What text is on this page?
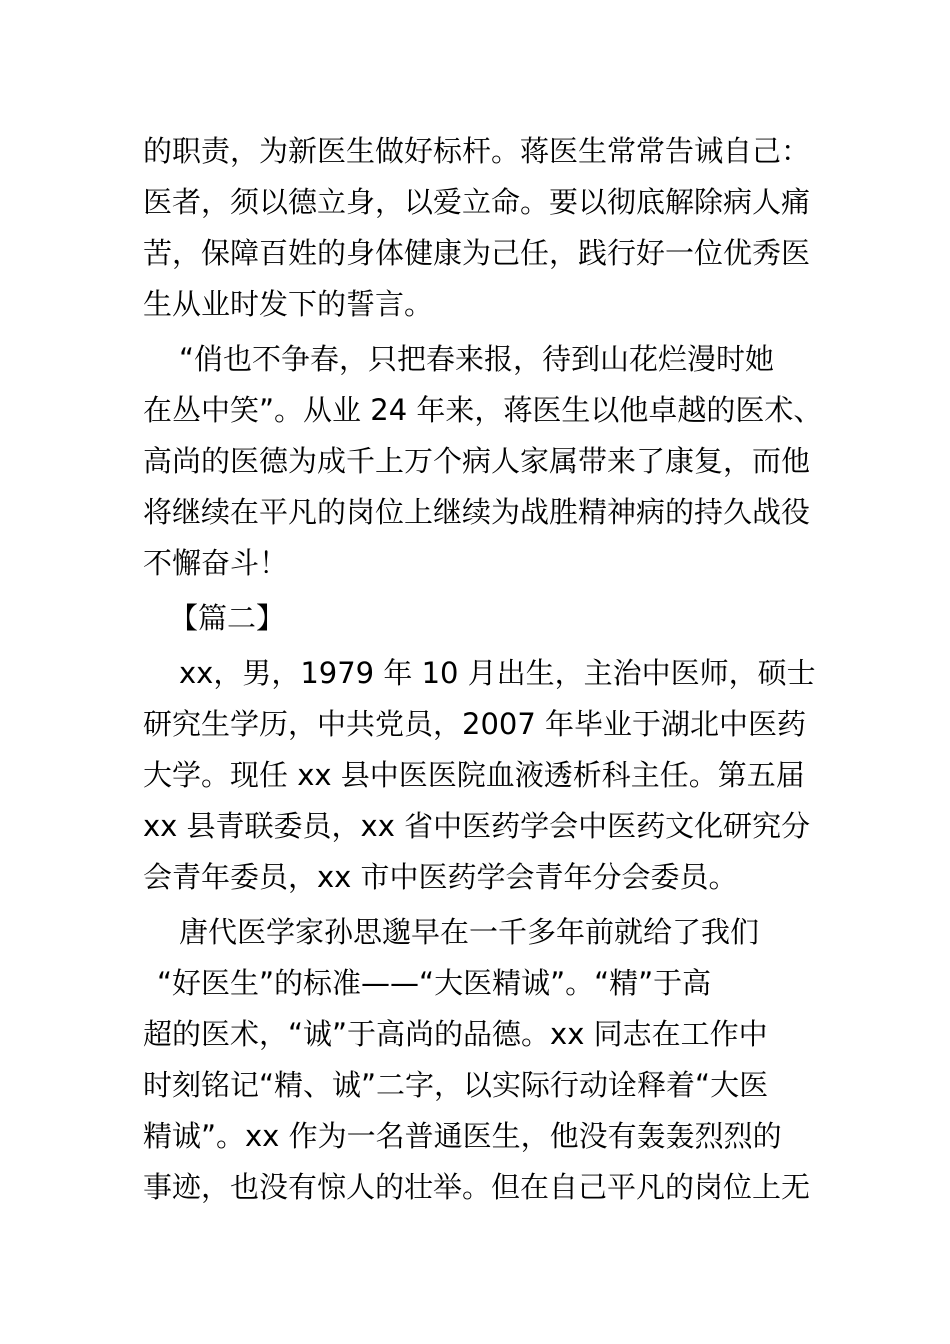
的职责，为新医生做好标杆。蒋医生常常告诫自己：
医者，须以德立身，以爱立命。要以彻底解除病人痛
苦，保障百姓的身体健康为己任，践行好一位优秀医
生从业时发下的誓言。
“俏也不争春，只把春来报，待到山花烂漫时她
在丛中笑”。从业 24 年来，蒋医生以他卓越的医术、
高尚的医德为成千上万个病人家属带来了康复，而他
将继续在平凡的岗位上继续为战胜精神病的持久战役
不懈奋斗！
【篇二】
xx，男，1979 年 10 月出生，主治中医师，硕士
研究生学历，中共党员，2007 年毕业于湖北中医药
大学。现任 xx 县中医医院血液透析科主任。第五届
xx 县青联委员，xx 省中医药学会中医药文化研究分
会青年委员，xx 市中医药学会青年分会委员。
唐代医学家孙思邈早在一千多年前就给了我们
“好医生”的标准——“大医精诚”。“精”于高
超的医术，“诚”于高尚的品德。xx 同志在工作中
时刻铭记“精、诚”二字，以实际行动诠释着“大医
精诚”。xx 作为一名普通医生，他没有轰轰烈烈的
事迹，也没有惊人的壮举。但在自己平凡的岗位上无
